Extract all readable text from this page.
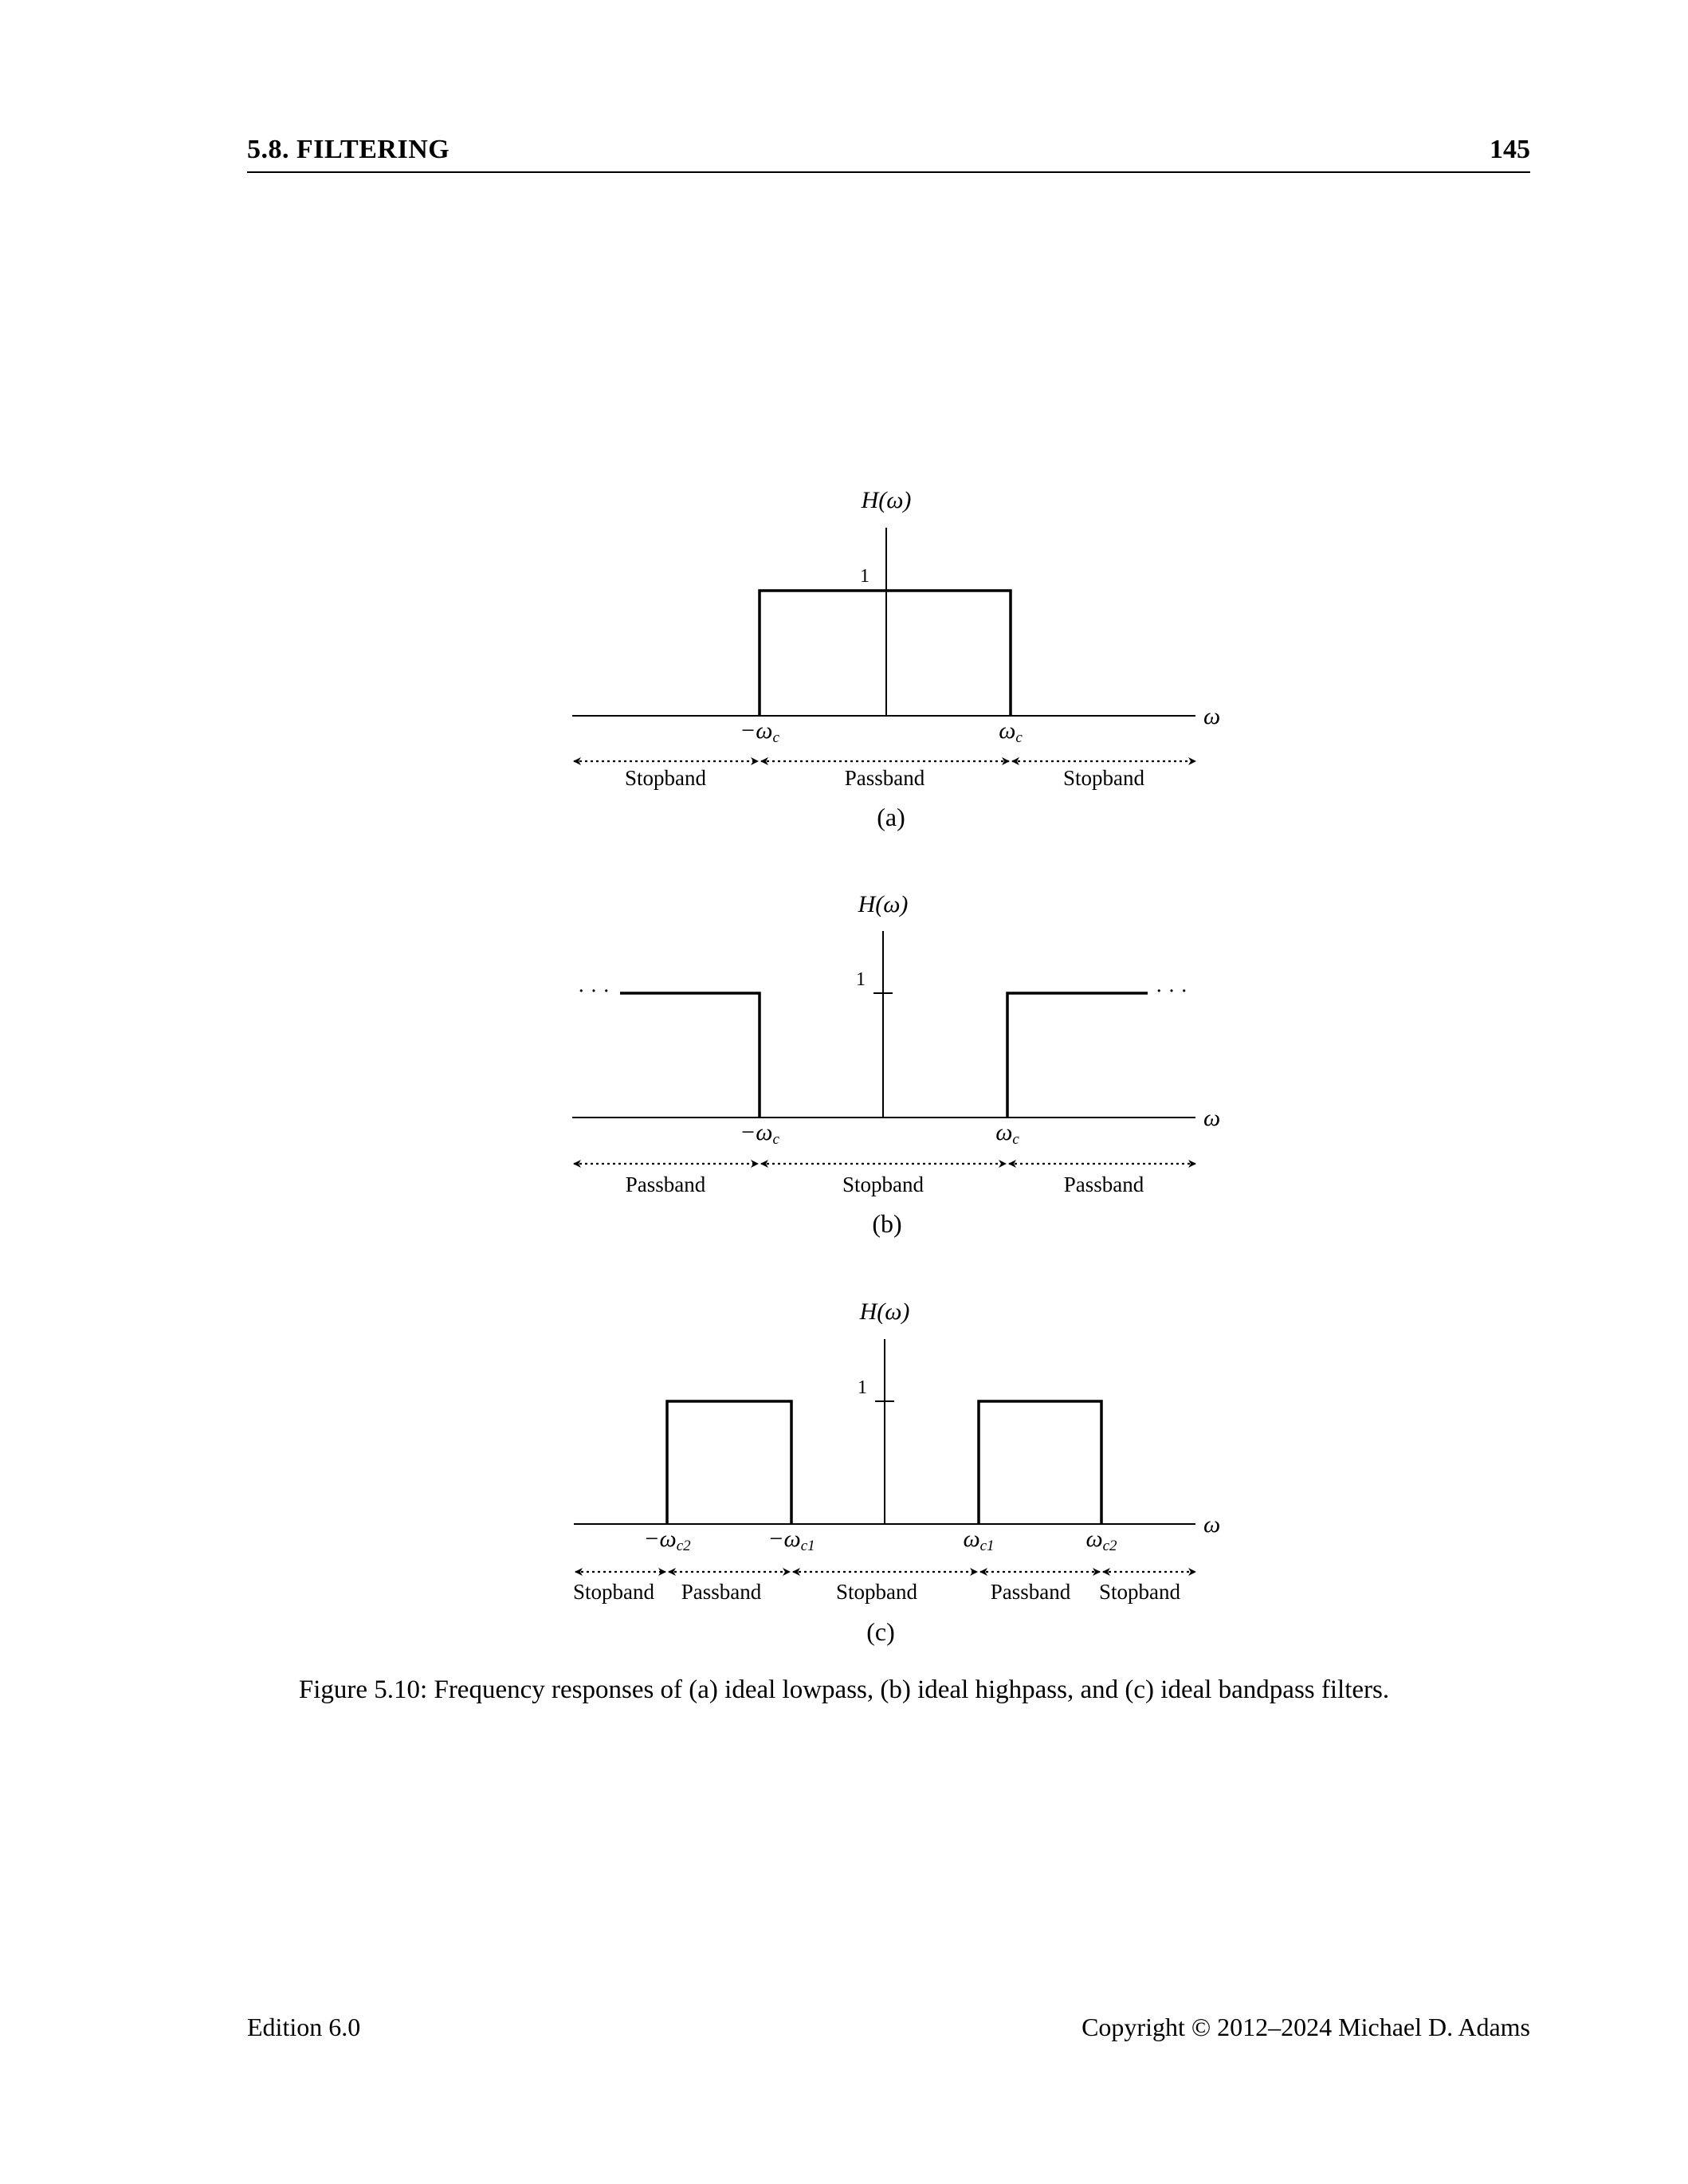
5.8. FILTERING	145
H(ω)
ω
1
−ωc	ωc
Stopband	Passband	Stopband
(a)
H(ω)
ω
1
· · ·	· · ·
−ωc	ωc
Passband	Stopband	Passband
(b)
H(ω)
ω
1
−ωc2	−ωc1	ωc1	ωc2
Stopband Passband	Stopband	Passband Stopband
(c)
Figure 5.10: Frequency responses of (a) ideal lowpass, (b) ideal highpass, and (c) ideal bandpass filters.
Edition 6.0	Copyright © 2012–2024 Michael D. Adams
